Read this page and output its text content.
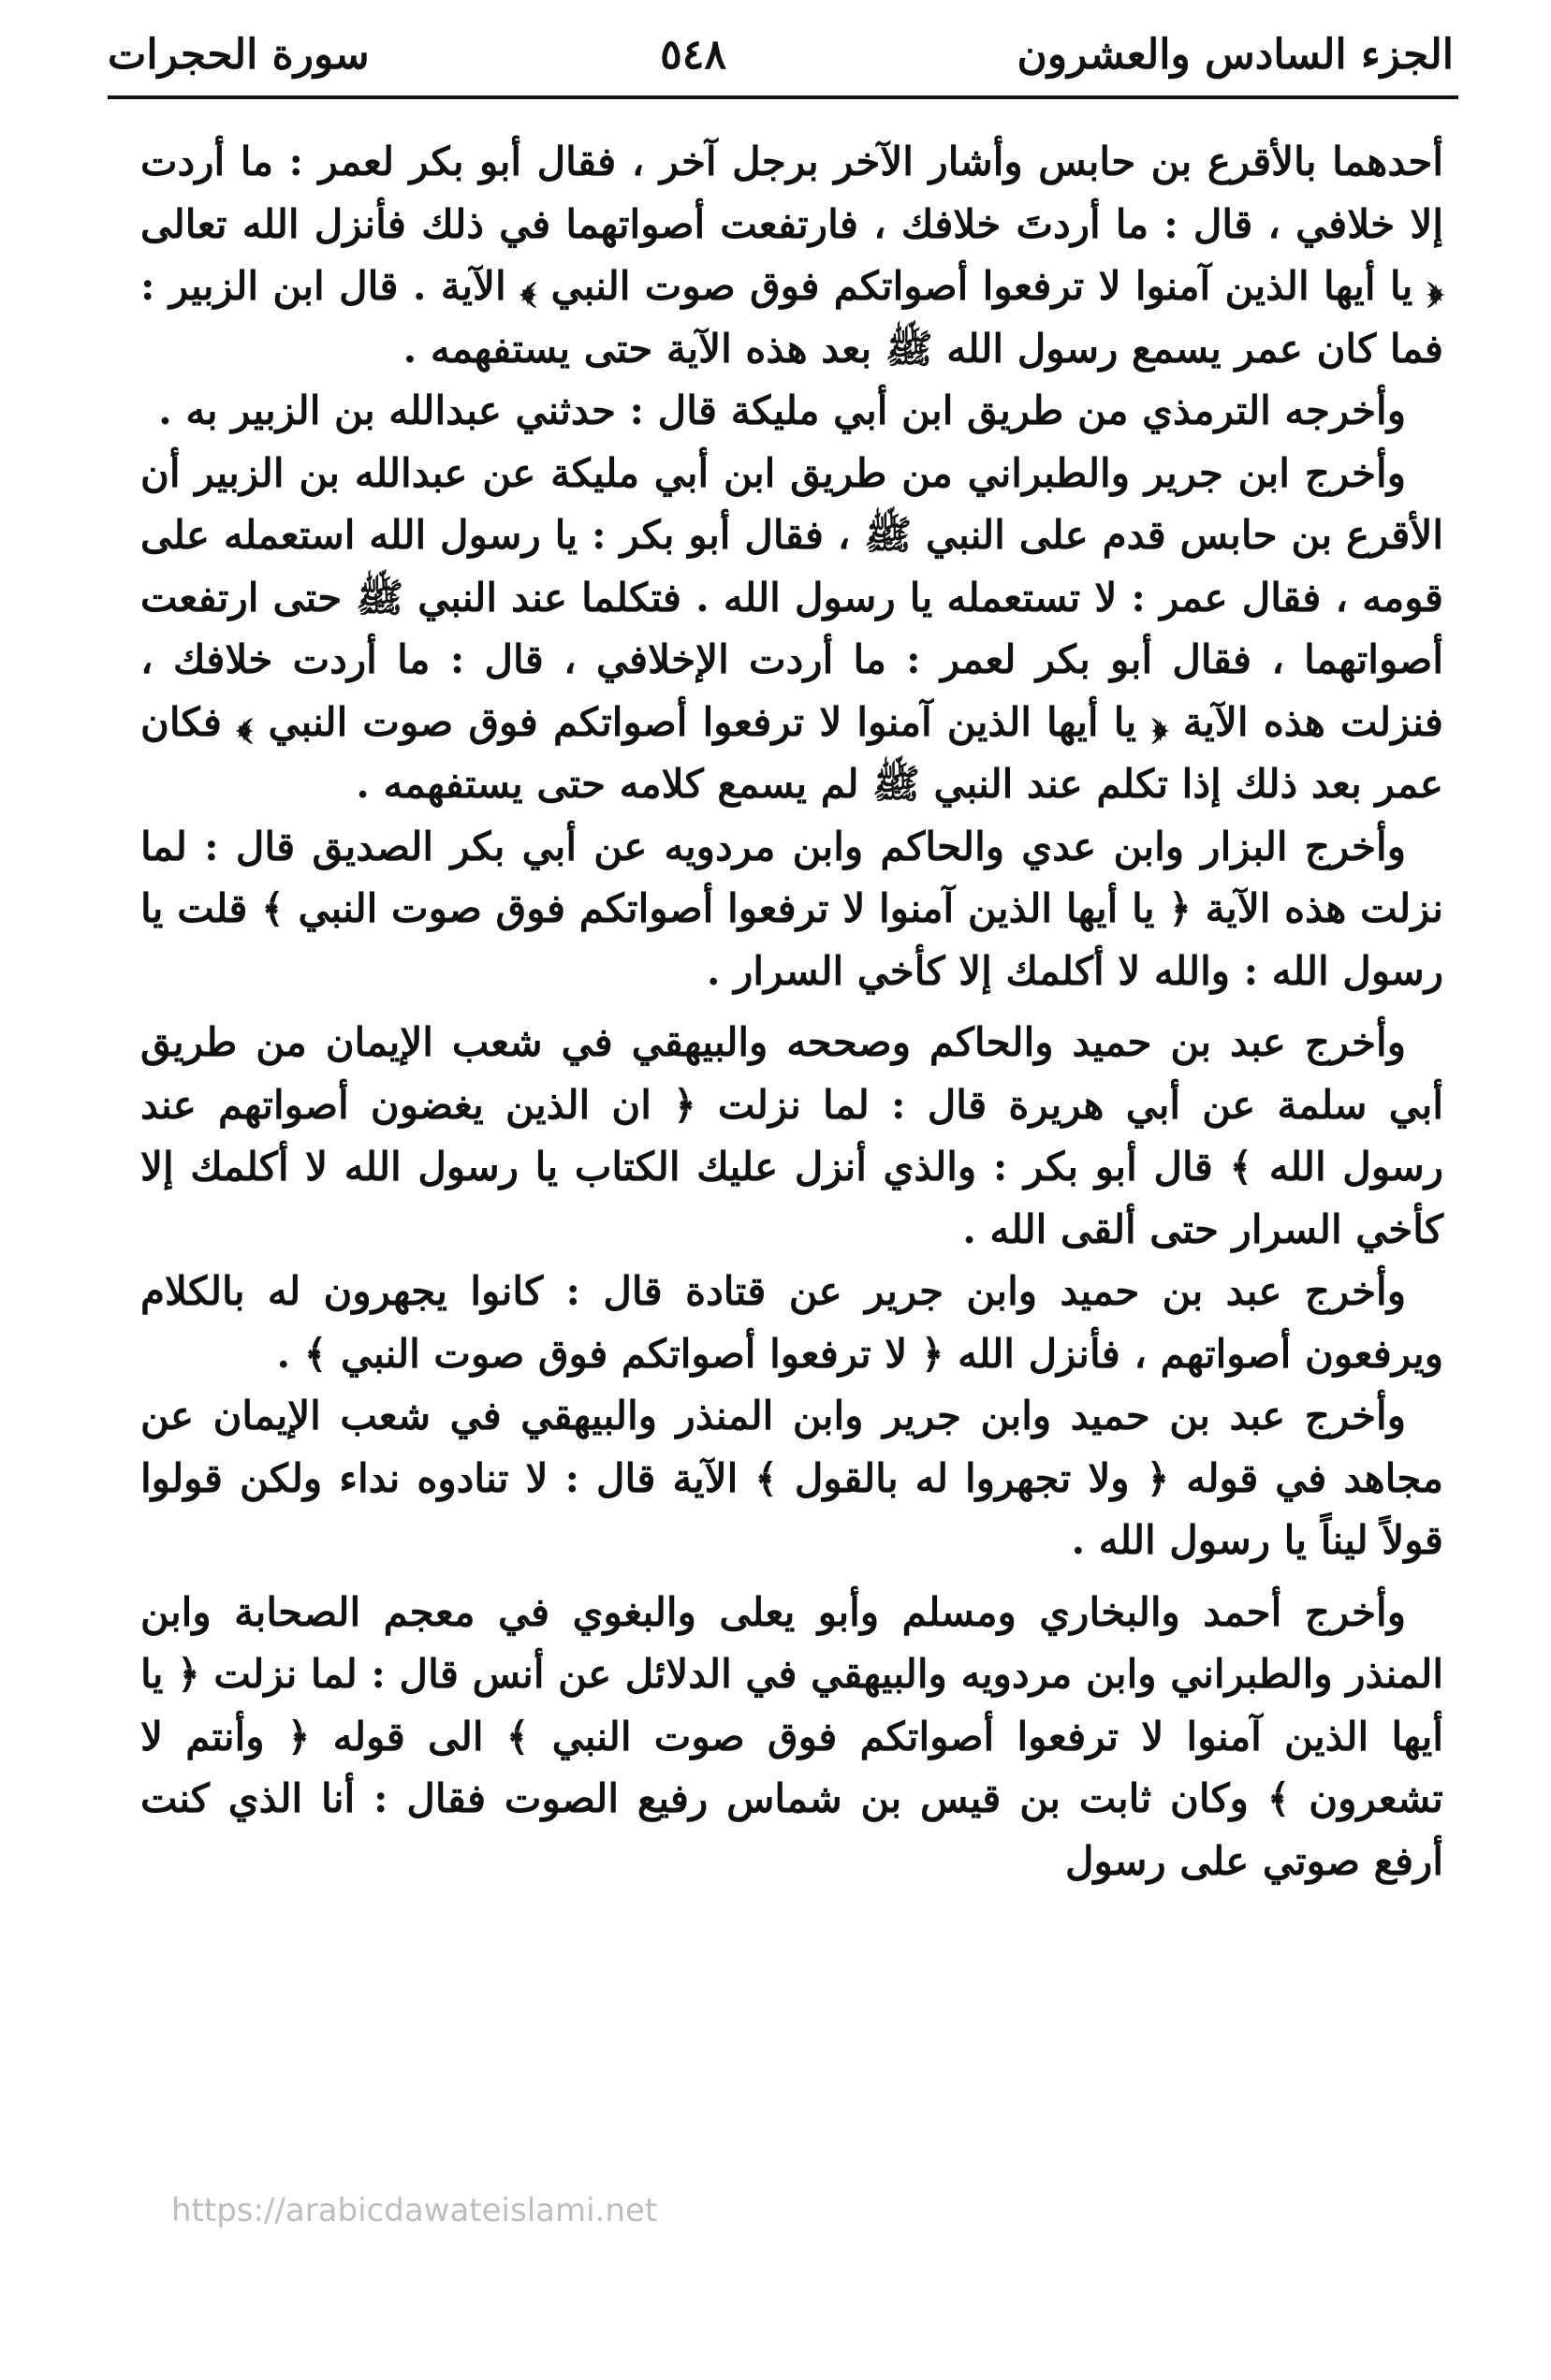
سورة الحجرات	٥٤٨	الجزء السادس والعشرون

أحدهما بالأقرع بن حابس وأشار الآخر برجل آخر ، فقال أبو بكر لعمر : ما أردت إلا خلافي ، قال : ما أردتَ خلافك ، فارتفعت أصواتهما في ذلك فأنزل الله تعالى ﴿ يا أيها الذين آمنوا لا ترفعوا أصواتكم فوق صوت النبي ﴾ الآية . قال ابن الزبير : فما كان عمر يسمع رسول الله ﷺ بعد هذه الآية حتى يستفهمه .

وأخرجه الترمذي من طريق ابن أبي مليكة قال : حدثني عبدالله بن الزبير به .

وأخرج ابن جرير والطبراني من طريق ابن أبي مليكة عن عبدالله بن الزبير أن الأقرع بن حابس قدم على النبي ﷺ ، فقال أبو بكر : يا رسول الله استعمله على قومه ، فقال عمر : لا تستعمله يا رسول الله . فتكلما عند النبي ﷺ حتى ارتفعت أصواتهما ، فقال أبو بكر لعمر : ما أردت الإخلافي ، قال : ما أردت خلافك ، فنزلت هذه الآية ﴿ يا أيها الذين آمنوا لا ترفعوا أصواتكم فوق صوت النبي ﴾ فكان عمر بعد ذلك إذا تكلم عند النبي ﷺ لم يسمع كلامه حتى يستفهمه .

وأخرج البزار وابن عدي والحاكم وابن مردويه عن أبي بكر الصديق قال : لما نزلت هذه الآية ﴿ يا أيها الذين آمنوا لا ترفعوا أصواتكم فوق صوت النبي ﴾ قلت يا رسول الله : والله لا أكلمك إلا كأخي السرار .

وأخرج عبد بن حميد والحاكم وصححه والبيهقي في شعب الإيمان من طريق أبي سلمة عن أبي هريرة قال : لما نزلت ﴿ ان الذين يغضون أصواتهم عند رسول الله ﴾ قال أبو بكر : والذي أنزل عليك الكتاب يا رسول الله لا أكلمك إلا كأخي السرار حتى ألقى الله .

وأخرج عبد بن حميد وابن جرير عن قتادة قال : كانوا يجهرون له بالكلام ويرفعون أصواتهم ، فأنزل الله ﴿ لا ترفعوا أصواتكم فوق صوت النبي ﴾ .

وأخرج عبد بن حميد وابن جرير وابن المنذر والبيهقي في شعب الإيمان عن مجاهد في قوله ﴿ ولا تجهروا له بالقول ﴾ الآية قال : لا تنادوه نداء ولكن قولوا قولاً ليناً يا رسول الله .

وأخرج أحمد والبخاري ومسلم وأبو يعلى والبغوي في معجم الصحابة وابن المنذر والطبراني وابن مردويه والبيهقي في الدلائل عن أنس قال : لما نزلت ﴿ يا أيها الذين آمنوا لا ترفعوا أصواتكم فوق صوت النبي ﴾ الى قوله ﴿ وأنتم لا تشعرون ﴾ وكان ثابت بن قيس بن شماس رفيع الصوت فقال : أنا الذي كنت أرفع صوتي على رسول

https://arabicdawateislami.net
